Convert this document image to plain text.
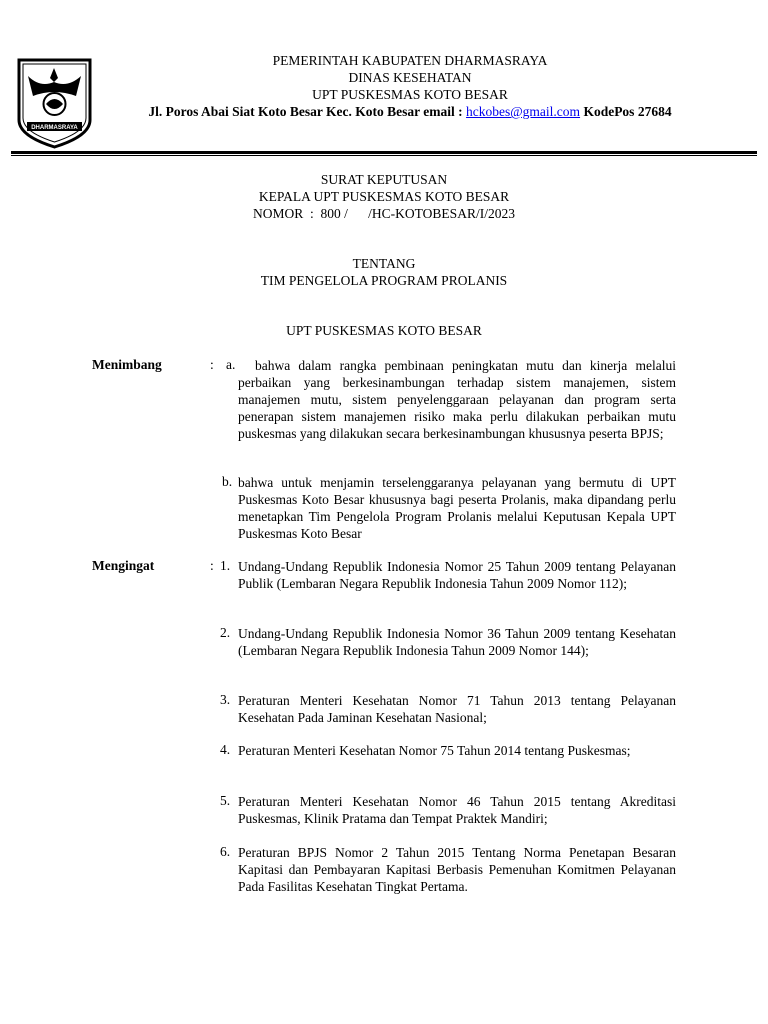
DHARMASRAYA
PEMERINTAH KABUPATEN DHARMASRAYA
DINAS KESEHATAN
UPT PUSKESMAS KOTO BESAR
Jl. Poros Abai Siat Koto Besar Kec. Koto Besar email : hckobes@gmail.com KodePos 27684
SURAT KEPUTUSAN
KEPALA UPT PUSKESMAS KOTO BESAR
NOMOR  :  800 /      /HC-KOTOBESAR/I/2023
TENTANG
TIM PENGELOLA PROGRAM PROLANIS
UPT PUSKESMAS KOTO BESAR
Menimbang	: a.	bahwa dalam rangka pembinaan peningkatan mutu dan kinerja melalui perbaikan yang berkesinambungan terhadap sistem manajemen, sistem manajemen mutu, sistem penyelenggaraan pelayanan dan program serta penerapan sistem manajemen risiko maka perlu dilakukan perbaikan mutu puskesmas yang dilakukan secara berkesinambungan khususnya peserta BPJS;
b. bahwa untuk menjamin terselenggaranya pelayanan yang bermutu di UPT Puskesmas Koto Besar khususnya bagi peserta Prolanis, maka dipandang perlu menetapkan Tim Pengelola Program Prolanis melalui Keputusan Kepala UPT Puskesmas Koto Besar
Mengingat	: 1. Undang-Undang Republik Indonesia Nomor 25 Tahun 2009 tentang Pelayanan Publik (Lembaran Negara Republik Indonesia Tahun 2009 Nomor 112);
2. Undang-Undang Republik Indonesia Nomor 36 Tahun 2009 tentang Kesehatan (Lembaran Negara Republik Indonesia Tahun 2009 Nomor 144);
3. Peraturan Menteri Kesehatan Nomor 71 Tahun 2013 tentang Pelayanan Kesehatan Pada Jaminan Kesehatan Nasional;
4. Peraturan Menteri Kesehatan Nomor 75 Tahun 2014 tentang Puskesmas;
5. Peraturan Menteri Kesehatan Nomor 46 Tahun 2015 tentang Akreditasi Puskesmas, Klinik Pratama dan Tempat Praktek Mandiri;
6. Peraturan BPJS Nomor 2 Tahun 2015 Tentang Norma Penetapan Besaran Kapitasi dan Pembayaran Kapitasi Berbasis Pemenuhan Komitmen Pelayanan Pada Fasilitas Kesehatan Tingkat Pertama.
